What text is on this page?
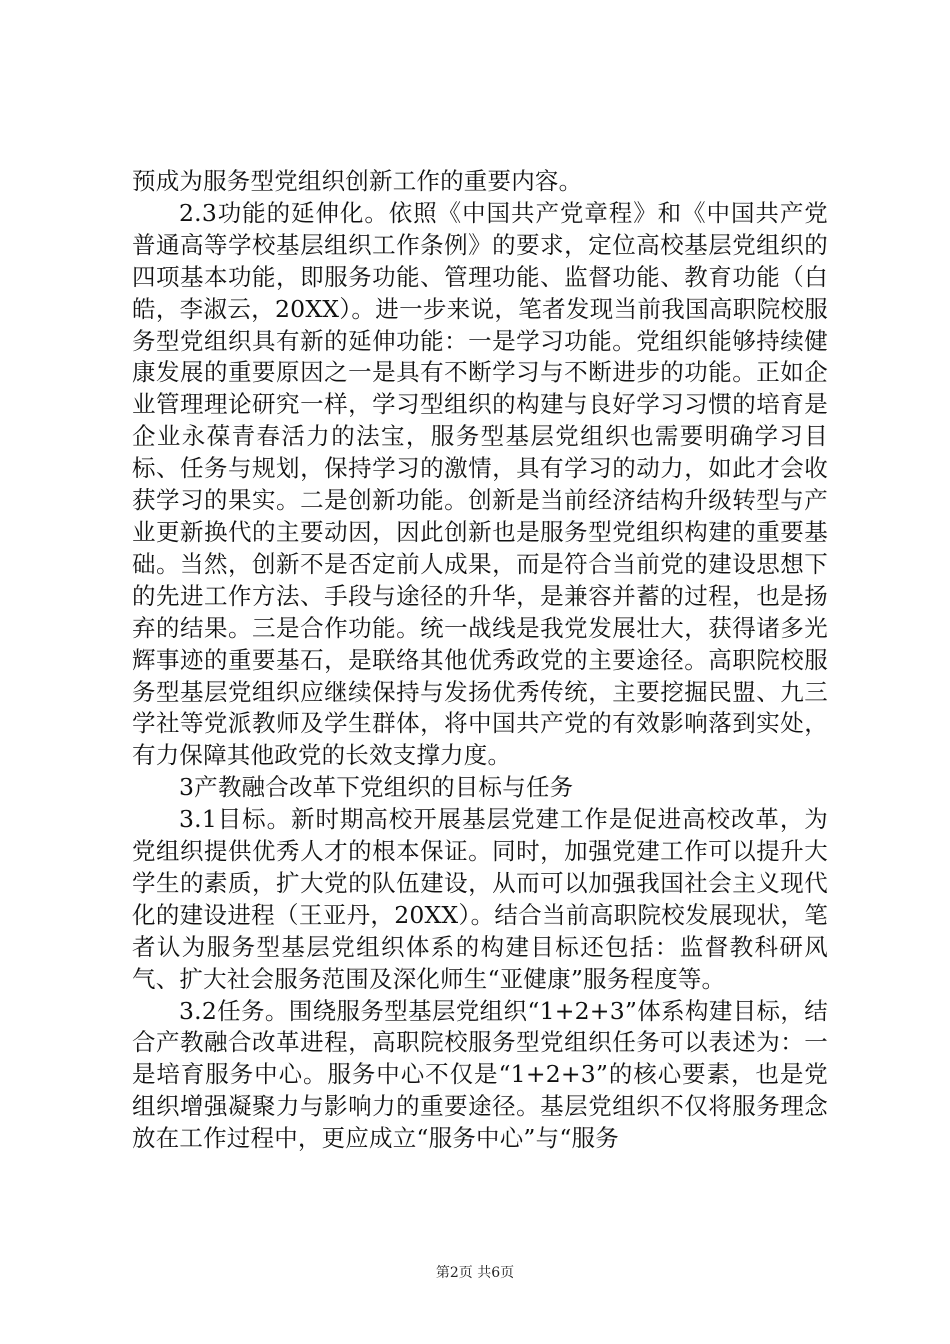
预成为服务型党组织创新工作的重要内容。

2.3功能的延伸化。依照《中国共产党章程》和《中国共产党普通高等学校基层组织工作条例》的要求，定位高校基层党组织的四项基本功能，即服务功能、管理功能、监督功能、教育功能（白皓，李淑云，20XX）。进一步来说，笔者发现当前我国高职院校服务型党组织具有新的延伸功能：一是学习功能。党组织能够持续健康发展的重要原因之一是具有不断学习与不断进步的功能。正如企业管理理论研究一样，学习型组织的构建与良好学习习惯的培育是企业永葆青春活力的法宝，服务型基层党组织也需要明确学习目标、任务与规划，保持学习的激情，具有学习的动力，如此才会收获学习的果实。二是创新功能。创新是当前经济结构升级转型与产业更新换代的主要动因，因此创新也是服务型党组织构建的重要基础。当然，创新不是否定前人成果，而是符合当前党的建设思想下的先进工作方法、手段与途径的升华，是兼容并蓄的过程，也是扬弃的结果。三是合作功能。统一战线是我党发展壮大，获得诸多光辉事迹的重要基石，是联络其他优秀政党的主要途径。高职院校服务型基层党组织应继续保持与发扬优秀传统，主要挖掘民盟、九三学社等党派教师及学生群体，将中国共产党的有效影响落到实处，有力保障其他政党的长效支撑力度。

3产教融合改革下党组织的目标与任务

3.1目标。新时期高校开展基层党建工作是促进高校改革，为党组织提供优秀人才的根本保证。同时，加强党建工作可以提升大学生的素质，扩大党的队伍建设，从而可以加强我国社会主义现代化的建设进程（王亚丹，20XX）。结合当前高职院校发展现状，笔者认为服务型基层党组织体系的构建目标还包括：监督教科研风气、扩大社会服务范围及深化师生“亚健康”服务程度等。

3.2任务。围绕服务型基层党组织“1+2+3”体系构建目标，结合产教融合改革进程，高职院校服务型党组织任务可以表述为：一是培育服务中心。服务中心不仅是“1+2+3”的核心要素，也是党组织增强凝聚力与影响力的重要途径。基层党组织不仅将服务理念放在工作过程中，更应成立“服务中心”与“服务

第2页 共6页
